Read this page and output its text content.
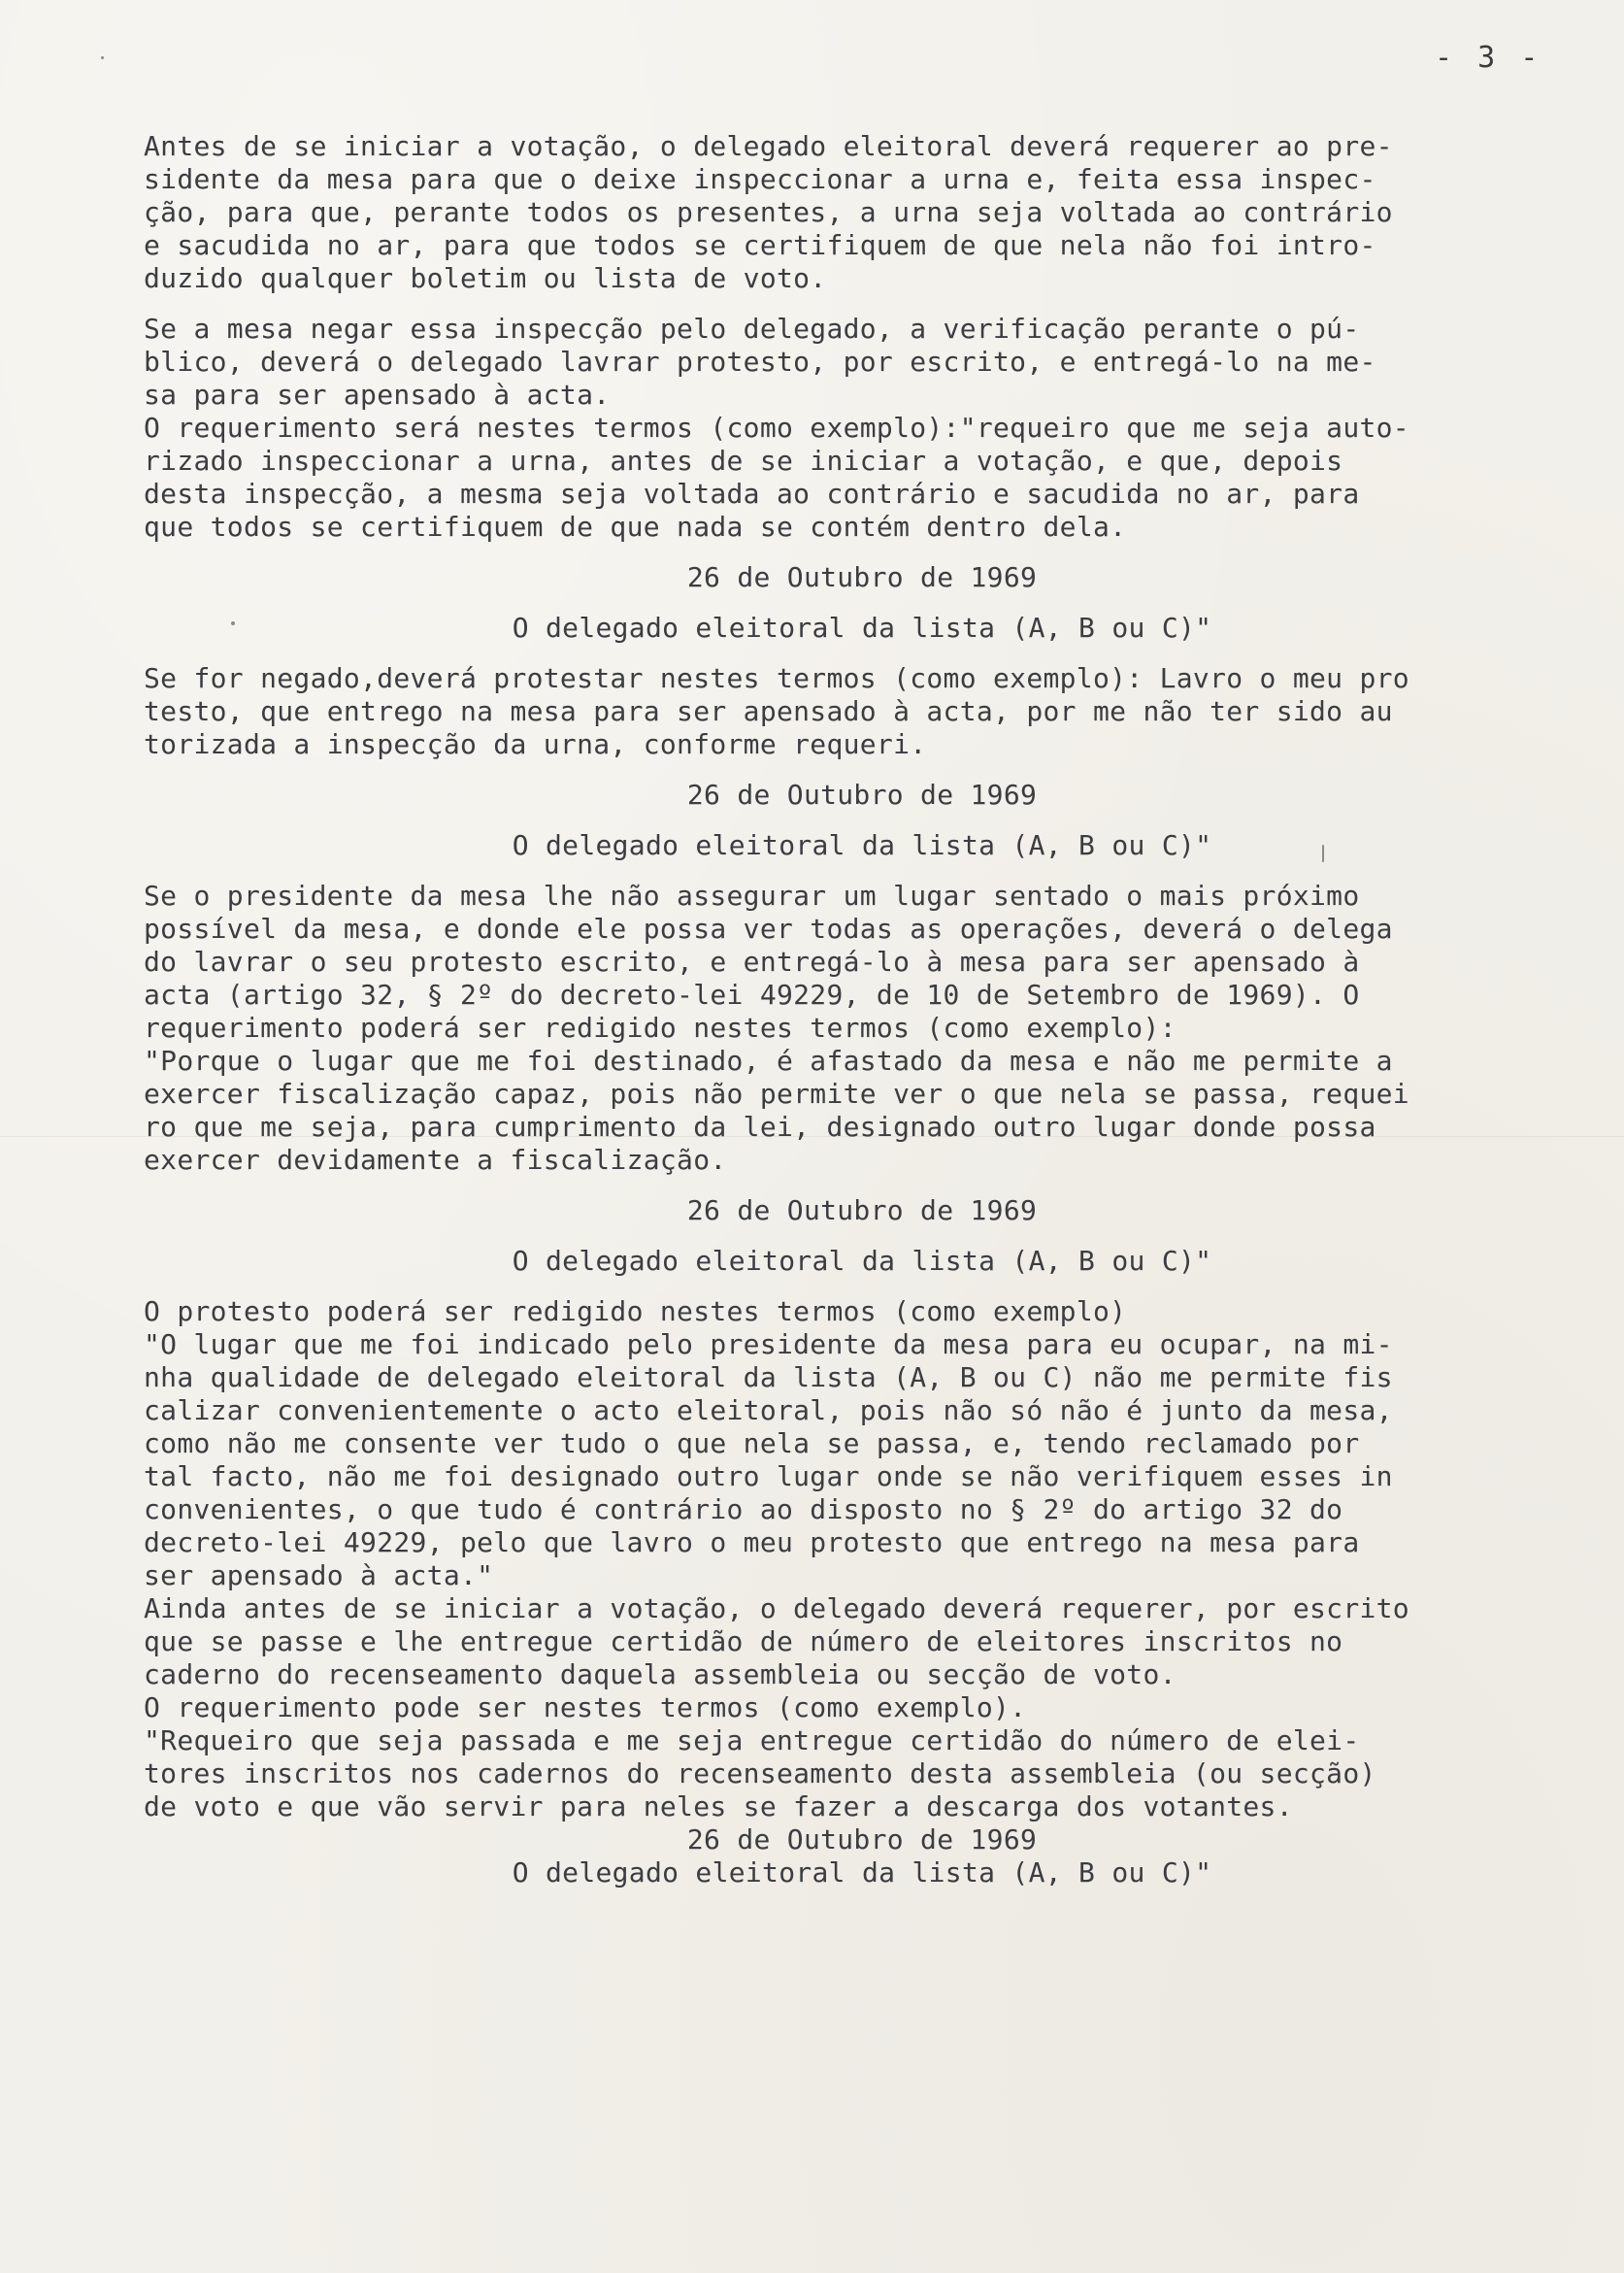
- 3 -
Antes de se iniciar a votação, o delegado eleitoral deverá requerer ao pre-
sidente da mesa para que o deixe inspeccionar a urna e, feita essa inspec-
ção, para que, perante todos os presentes, a urna seja voltada ao contrário
e sacudida no ar, para que todos se certifiquem de que nela não foi intro-
duzido qualquer boletim ou lista de voto.
Se a mesa negar essa inspecção pelo delegado, a verificação perante o pú-
blico, deverá o delegado lavrar protesto, por escrito, e entregá-lo na me-
sa para ser apensado à acta.
O requerimento será nestes termos (como exemplo):"requeiro que me seja auto-
rizado inspeccionar a urna, antes de se iniciar a votação, e que, depois
desta inspecção, a mesma seja voltada ao contrário e sacudida no ar, para
que todos se certifiquem de que nada se contém dentro dela.
26 de Outubro de 1969
O delegado eleitoral da lista (A, B ou C)"
Se for negado,deverá protestar nestes termos (como exemplo): Lavro o meu pro
testo, que entrego na mesa para ser apensado à acta, por me não ter sido au
torizada a inspecção da urna, conforme requeri.
26 de Outubro de 1969
O delegado eleitoral da lista (A, B ou C)"
Se o presidente da mesa lhe não assegurar um lugar sentado o mais próximo
possível da mesa, e donde ele possa ver todas as operações, deverá o delega
do lavrar o seu protesto escrito, e entregá-lo à mesa para ser apensado à
acta (artigo 32, § 2º do decreto-lei 49229, de 10 de Setembro de 1969). O
requerimento poderá ser redigido nestes termos (como exemplo):
"Porque o lugar que me foi destinado, é afastado da mesa e não me permite a
exercer fiscalização capaz, pois não permite ver o que nela se passa, requei
ro que me seja, para cumprimento da lei, designado outro lugar donde possa
exercer devidamente a fiscalização.
26 de Outubro de 1969
O delegado eleitoral da lista (A, B ou C)"
O protesto poderá ser redigido nestes termos (como exemplo)
"O lugar que me foi indicado pelo presidente da mesa para eu ocupar, na mi-
nha qualidade de delegado eleitoral da lista (A, B ou C) não me permite fis
calizar convenientemente o acto eleitoral, pois não só não é junto da mesa,
como não me consente ver tudo o que nela se passa, e, tendo reclamado por
tal facto, não me foi designado outro lugar onde se não verifiquem esses in
convenientes, o que tudo é contrário ao disposto no § 2º do artigo 32 do
decreto-lei 49229, pelo que lavro o meu protesto que entrego na mesa para
ser apensado à acta."
Ainda antes de se iniciar a votação, o delegado deverá requerer, por escrito
que se passe e lhe entregue certidão de número de eleitores inscritos no
caderno do recenseamento daquela assembleia ou secção de voto.
O requerimento pode ser nestes termos (como exemplo).
"Requeiro que seja passada e me seja entregue certidão do número de elei-
tores inscritos nos cadernos do recenseamento desta assembleia (ou secção)
de voto e que vão servir para neles se fazer a descarga dos votantes.
26 de Outubro de 1969
O delegado eleitoral da lista (A, B ou C)"
